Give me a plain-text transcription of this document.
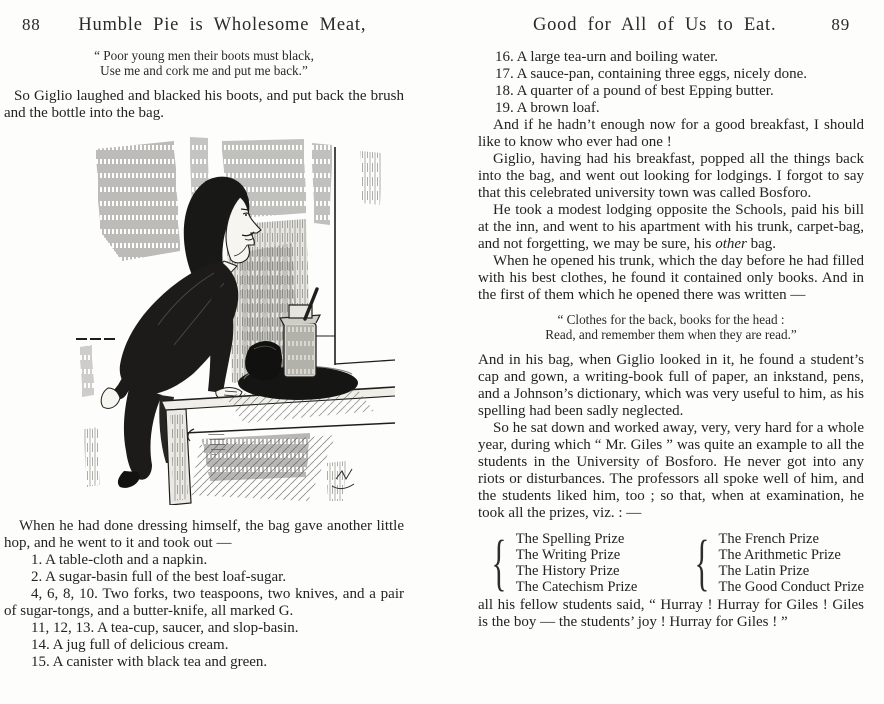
88	Humble Pie is Wholesome Meat,
“ Poor young men their boots must black,
Use me and cork me and put me back.”

So Giglio laughed and blacked his boots, and put back the brush and the bottle into the bag.

When he had done dressing himself, the bag gave another little hop, and he went to it and took out —

1. A table-cloth and a napkin.

2. A sugar-basin full of the best loaf-sugar.

4, 6, 8, 10. Two forks, two teaspoons, two knives, and a pair of sugar-tongs, and a butter-knife, all marked G.

11, 12, 13. A tea-cup, saucer, and slop-basin.

14. A jug full of delicious cream.

15. A canister with black tea and green.

Good for All of Us to Eat.	89

16. A large tea-urn and boiling water.

17. A sauce-pan, containing three eggs, nicely done.

18. A quarter of a pound of best Epping butter.

19. A brown loaf.

And if he hadn’t enough now for a good breakfast, I should like to know who ever had one !

Giglio, having had his breakfast, popped all the things back into the bag, and went out looking for lodgings. I forgot to say that this celebrated university town was called Bosforo.

He took a modest lodging opposite the Schools, paid his bill at the inn, and went to his apartment with his trunk, carpet-bag, and not forgetting, we may be sure, his other bag.

When he opened his trunk, which the day before he had filled with his best clothes, he found it contained only books. And in the first of them which he opened there was written —

“ Clothes for the back, books for the head :
Read, and remember them when they are read.”

And in his bag, when Giglio looked in it, he found a student’s cap and gown, a writing-book full of paper, an inkstand, pens, and a Johnson’s dictionary, which was very useful to him, as his spelling had been sadly neglected.

So he sat down and worked away, very, very hard for a whole year, during which “ Mr. Giles ” was quite an example to all the students in the University of Bosforo. He never got into any riots or disturbances. The professors all spoke well of him, and the students liked him, too ; so that, when at examination, he took all the prizes, viz. : —

{ The Spelling Prize
The Writing Prize
The History Prize
The Catechism Prize { The French Prize
The Arithmetic Prize
The Latin Prize
The Good Conduct Prize

all his fellow students said, “ Hurray ! Hurray for Giles ! Giles is the boy — the students’ joy ! Hurray for Giles ! ”
